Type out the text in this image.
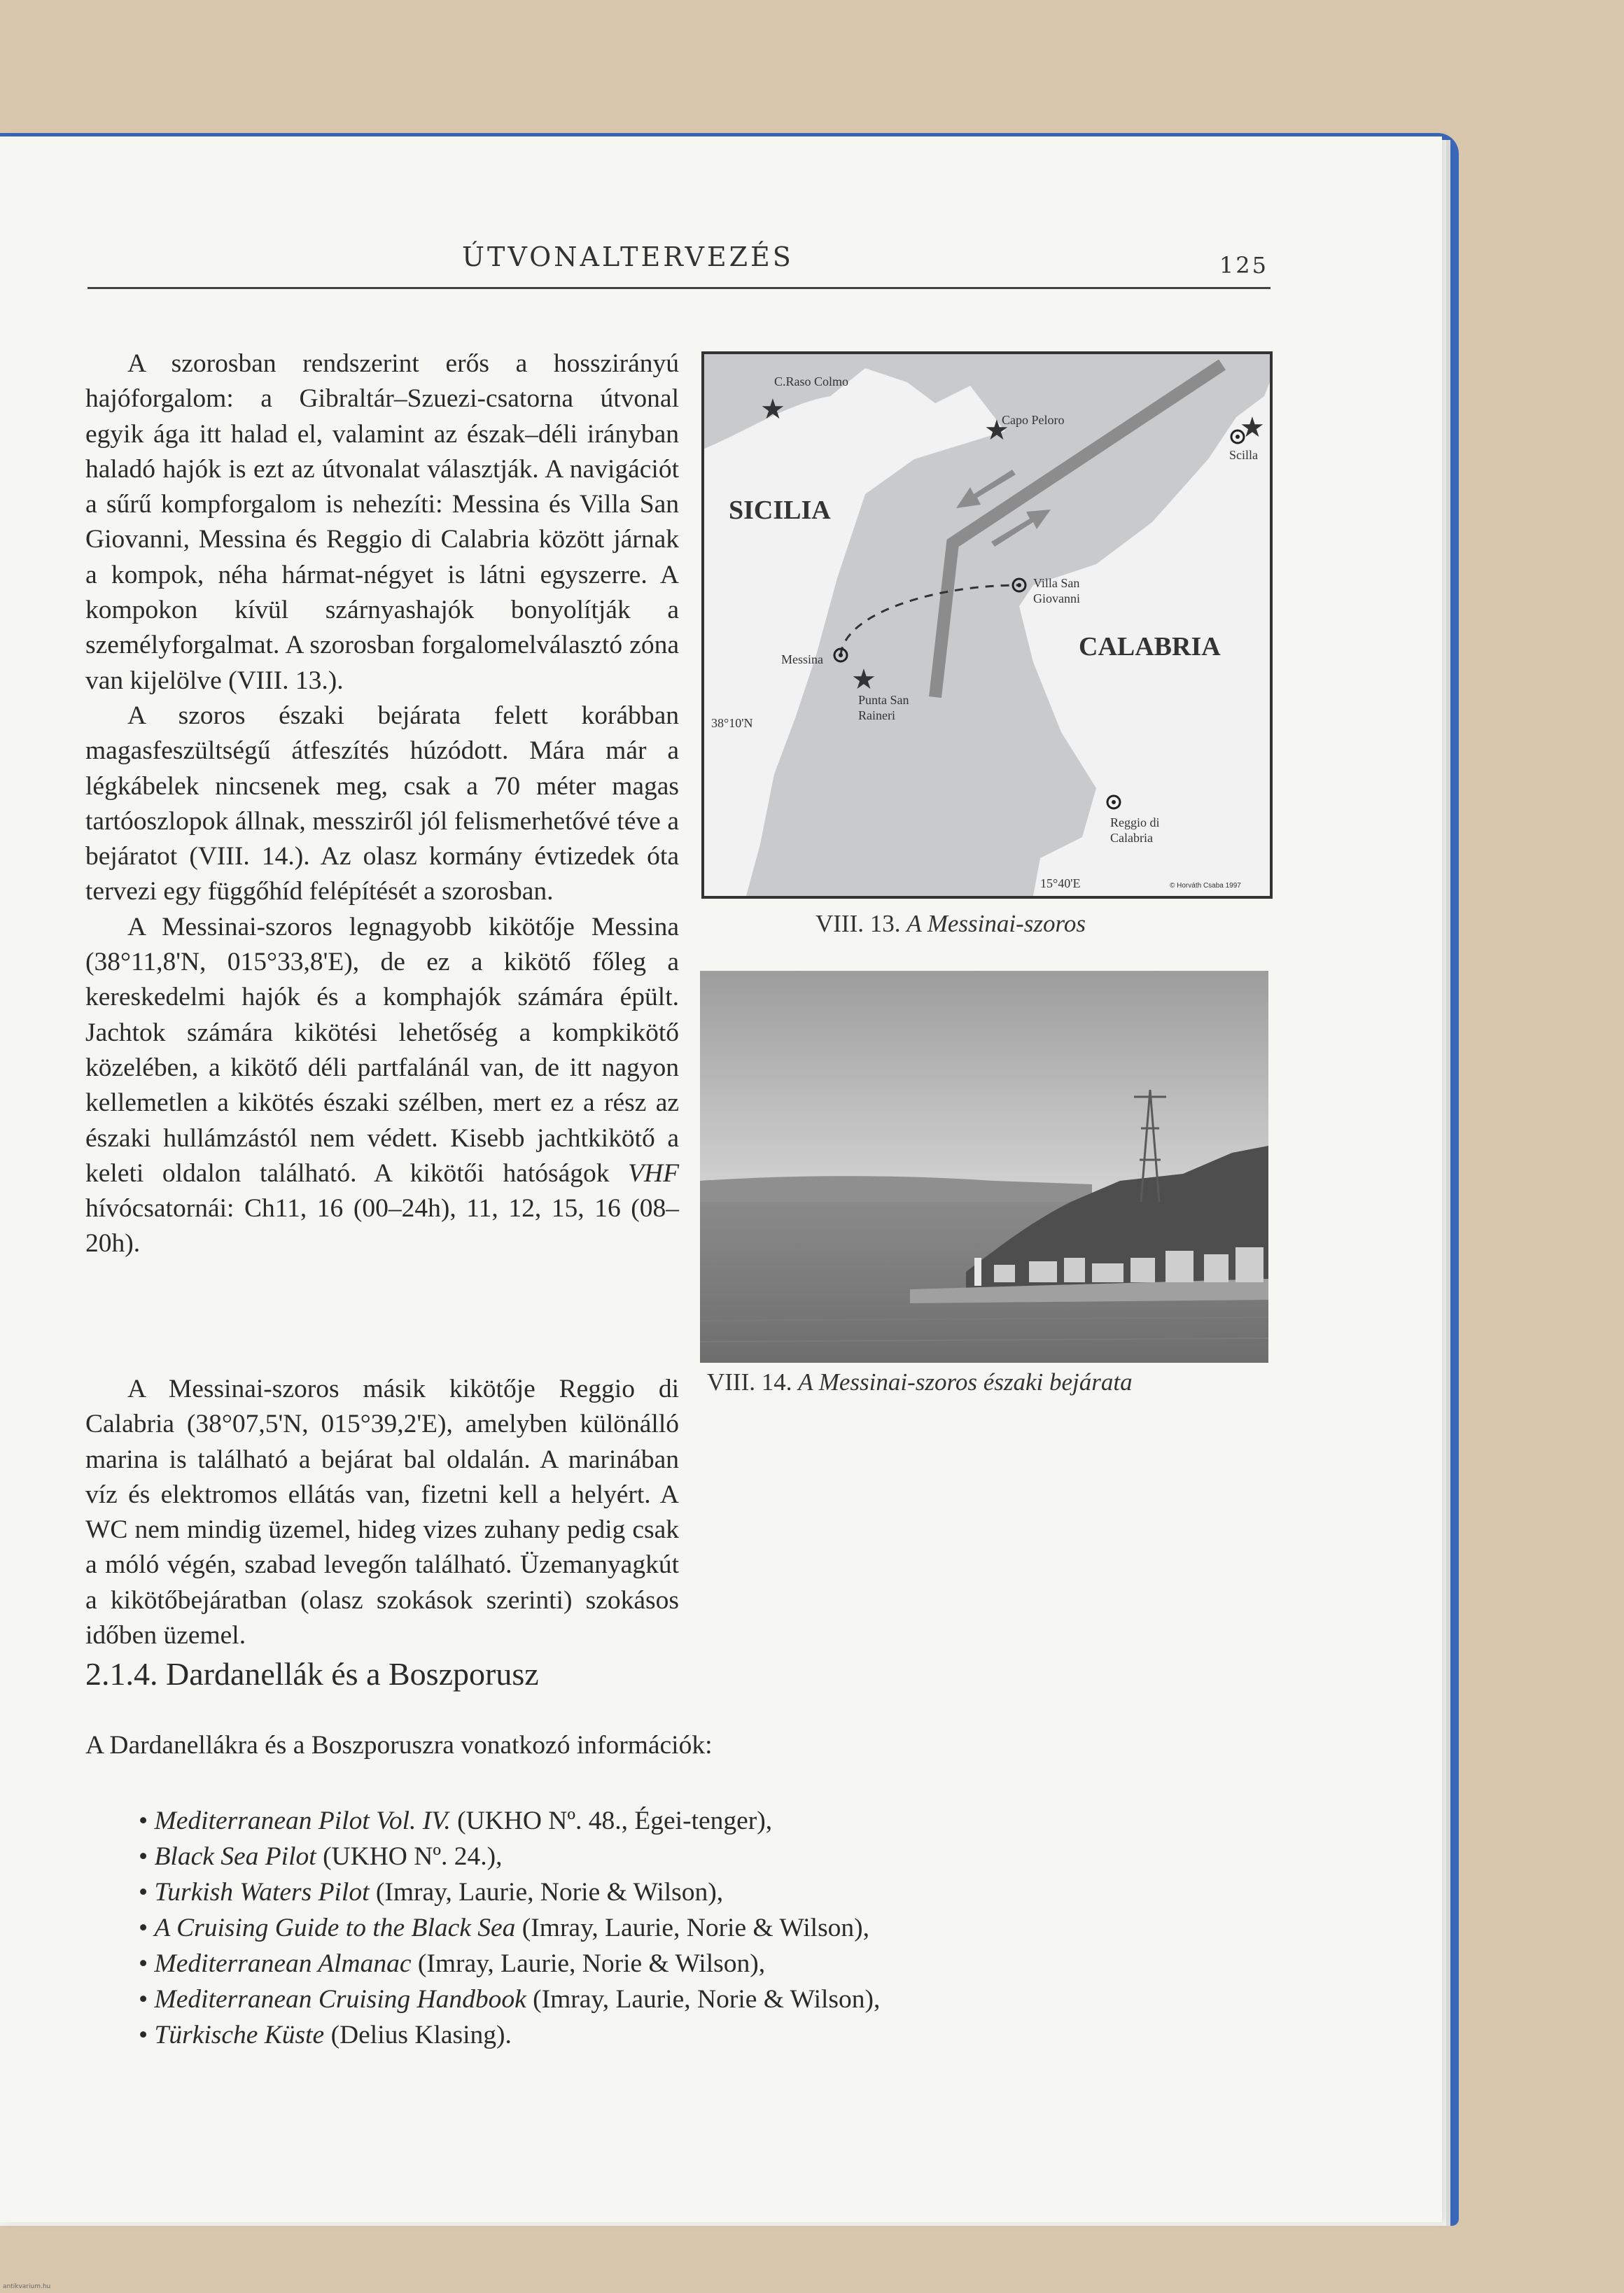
ÚTVONALTERVEZÉS	125

A szorosban rendszerint erős a hosszirányú hajóforgalom: a Gibraltár–Szuezi-csatorna útvonal egyik ága itt halad el, valamint az észak–déli irányban haladó hajók is ezt az útvonalat választják. A navigációt a sűrű kompforgalom is nehezíti: Messina és Villa San Giovanni, Messina és Reggio di Calabria között járnak a kompok, néha hármat-négyet is látni egyszerre. A kompokon kívül szárnyashajók bonyolítják a személyforgalmat. A szorosban forgalomelválasztó zóna van kijelölve (VIII. 13.).

A szoros északi bejárata felett korábban magasfeszültségű átfeszítés húzódott. Mára már a légkábelek nincsenek meg, csak a 70 méter magas tartóoszlopok állnak, messziről jól felismerhetővé téve a bejáratot (VIII. 14.). Az olasz kormány évtizedek óta tervezi egy függőhíd felépítését a szorosban.

A Messinai-szoros legnagyobb kikötője Messina (38°11,8'N, 015°33,8'E), de ez a kikötő főleg a kereskedelmi hajók és a komphajók számára épült. Jachtok számára kikötési lehetőség a kompkikötő közelében, a kikötő déli partfalánál van, de itt nagyon kellemetlen a kikötés északi szélben, mert ez a rész az északi hullámzástól nem védett. Kisebb jachtkikötő a keleti oldalon található. A kikötői hatóságok VHF hívócsatornái: Ch11, 16 (00–24h), 11, 12, 15, 16 (08–20h).

★
★	★
★
SICILIA
CALABRIA
C.Raso Colmo
Capo Peloro
Scilla
Villa San
Giovanni
Messina
Punta San
Raineri
38°10'N
Reggio di
Calabria
15°40'E	© Horváth Csaba 1997
VIII. 13. A Messinai-szoros
VIII. 14. A Messinai-szoros északi bejárata

A Messinai-szoros másik kikötője Reggio di Calabria (38°07,5'N, 015°39,2'E), amelyben különálló marina is található a bejárat bal oldalán. A marinában víz és elektromos ellátás van, fizetni kell a helyért. A WC nem mindig üzemel, hideg vizes zuhany pedig csak a móló végén, szabad levegőn található. Üzemanyagkút a kikötőbejáratban (olasz szokások szerinti) szokásos időben üzemel.

2.1.4. Dardanellák és a Boszporusz
A Dardanellákra és a Boszporuszra vonatkozó információk:
• Mediterranean Pilot Vol. IV. (UKHO Nº. 48., Égei-tenger),
• Black Sea Pilot (UKHO Nº. 24.),
• Turkish Waters Pilot (Imray, Laurie, Norie & Wilson),
• A Cruising Guide to the Black Sea (Imray, Laurie, Norie & Wilson),
• Mediterranean Almanac (Imray, Laurie, Norie & Wilson),
• Mediterranean Cruising Handbook (Imray, Laurie, Norie & Wilson),
• Türkische Küste (Delius Klasing).
antikvarium.hu
